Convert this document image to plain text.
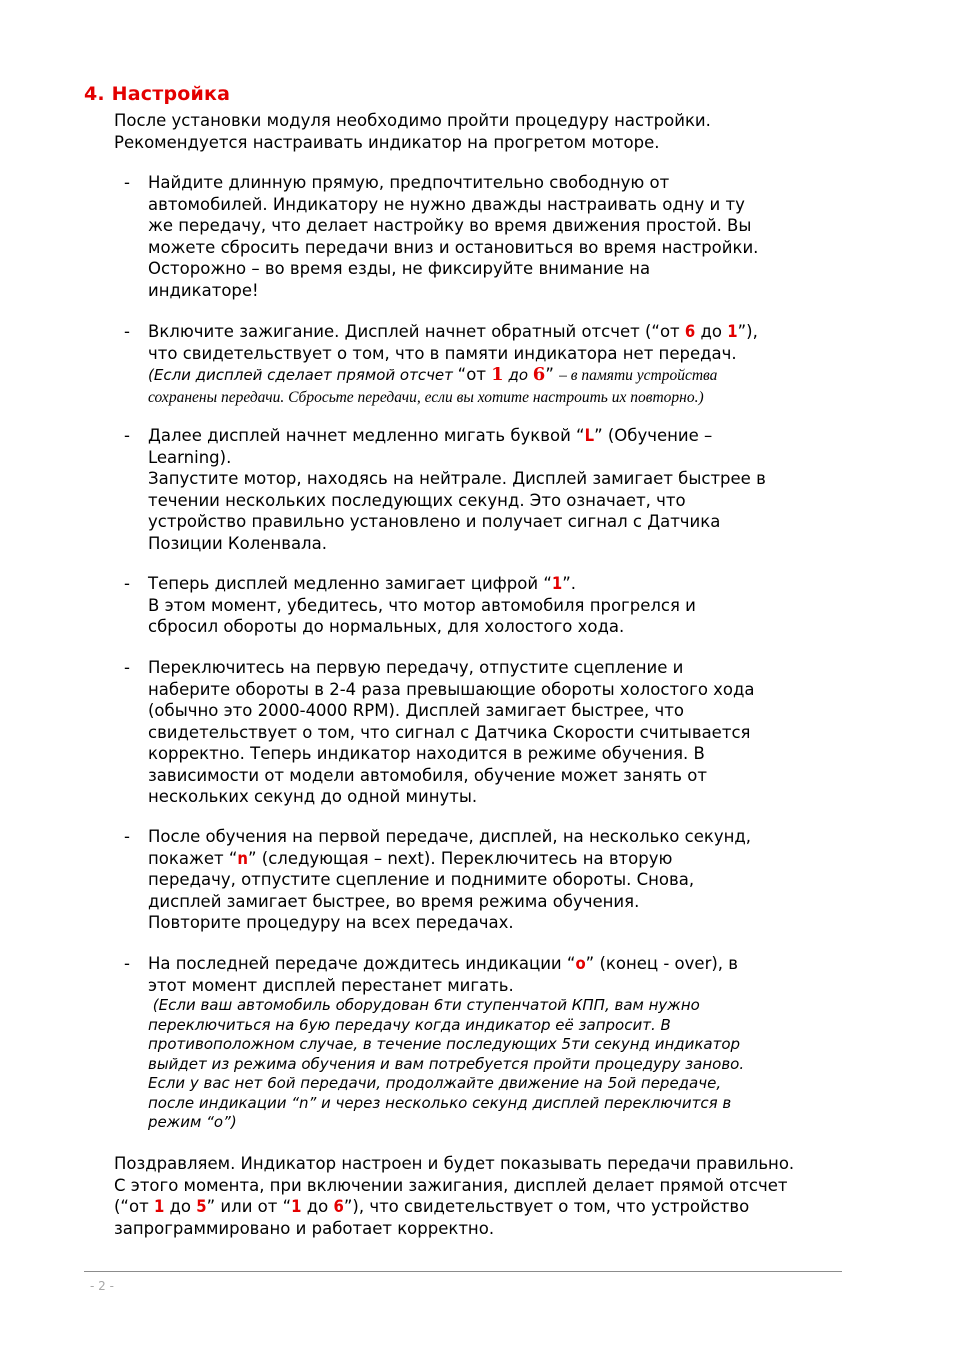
4. Настройка

После установки модуля необходимо пройти процедуру настройки.

Рекомендуется настраивать индикатор на прогретом моторе.

- Найдите длинную прямую, предпочтительно свободную от
автомобилей. Индикатору не нужно дважды настраивать одну и ту
же передачу, что делает настройку во время движения простой. Вы
можете сбросить передачи вниз и остановиться во время настройки.
Осторожно – во время езды, не фиксируйте внимание на
индикаторе!
- Включите зажигание. Дисплей начнет обратный отсчет (“от 6 до 1”),
что свидетельствует о том, что в памяти индикатора нет передач.
(Если дисплей сделает прямой отсчет “от 1 до 6” – в памяти устройства
сохранены передачи. Сбросьте передачи, если вы хотите настроить их повторно.)
- Далее дисплей начнет медленно мигать буквой “L” (Обучение –
Learning).
Запустите мотор, находясь на нейтрале. Дисплей замигает быстрее в
течении нескольких последующих секунд. Это означает, что
устройство правильно установлено и получает сигнал с Датчика
Позиции Коленвала.
- Теперь дисплей медленно замигает цифрой “1”.
В этом момент, убедитесь, что мотор автомобиля прогрелся и
сбросил обороты до нормальных, для холостого хода.
- Переключитесь на первую передачу, отпустите сцепление и
наберите обороты в 2-4 раза превышающие обороты холостого хода
(обычно это 2000-4000 RPM). Дисплей замигает быстрее, что
свидетельствует о том, что сигнал с Датчика Скорости считывается
корректно. Теперь индикатор находится в режиме обучения. В
зависимости от модели автомобиля, обучение может занять от
нескольких секунд до одной минуты.
- После обучения на первой передаче, дисплей, на несколько секунд,
покажет “n” (следующая – next). Переключитесь на вторую
передачу, отпустите сцепление и поднимите обороты. Снова,
дисплей замигает быстрее, во время режима обучения.
Повторите процедуру на всех передачах.
- На последней передаче дождитесь индикации “o” (конец - over), в
этот момент дисплей перестанет мигать.
(Если ваш автомобиль оборудован 6ти ступенчатой КПП, вам нужно
переключиться на 6ую передачу когда индикатор её запросит. В
противоположном случае, в течение последующих 5ти секунд индикатор
выйдет из режима обучения и вам потребуется пройти процедуру заново.
Если у вас нет 6ой передачи, продолжайте движение на 5ой передаче,
после индикации “n” и через несколько секунд дисплей переключится в
режим “o”)
Поздравляем. Индикатор настроен и будет показывать передачи правильно.
С этого момента, при включении зажигания, дисплей делает прямой отсчет
(“от 1 до 5” или от “1 до 6”), что свидетельствует о том, что устройство
запрограммировано и работает корректно.
- 2 -
